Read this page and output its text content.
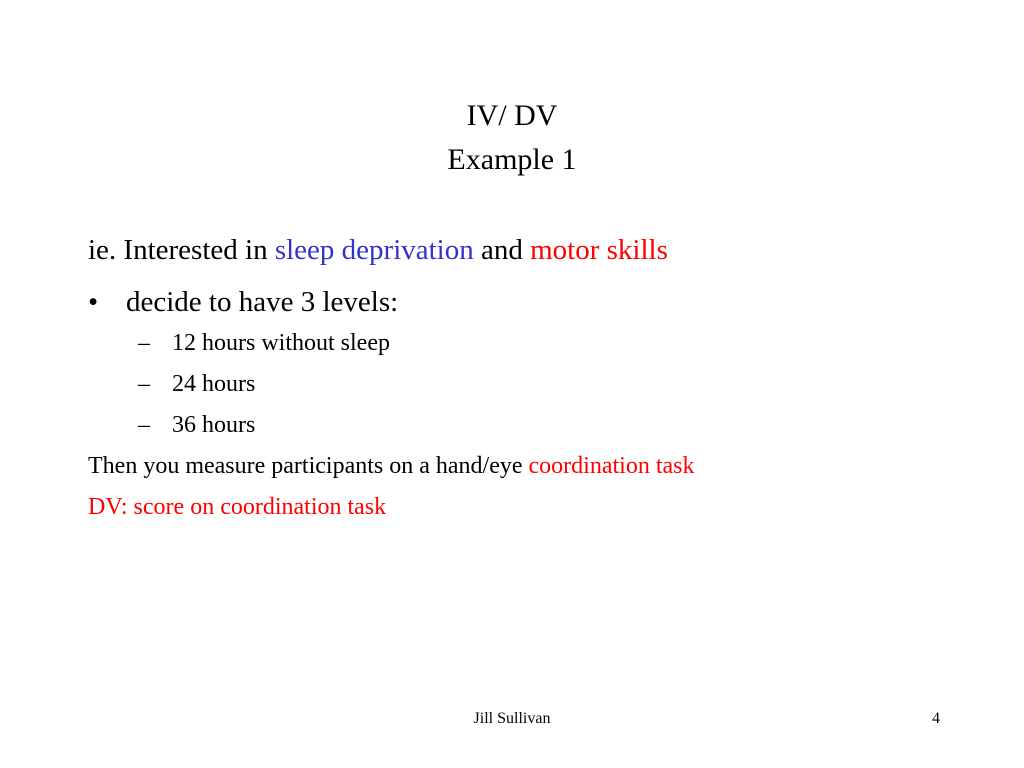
IV/ DV
Example 1
ie. Interested in sleep deprivation and motor skills
• decide to have 3 levels:
– 12 hours without sleep
– 24 hours
– 36 hours
Then you measure participants on a hand/eye coordination task
DV: score on coordination task
Jill Sullivan	4
